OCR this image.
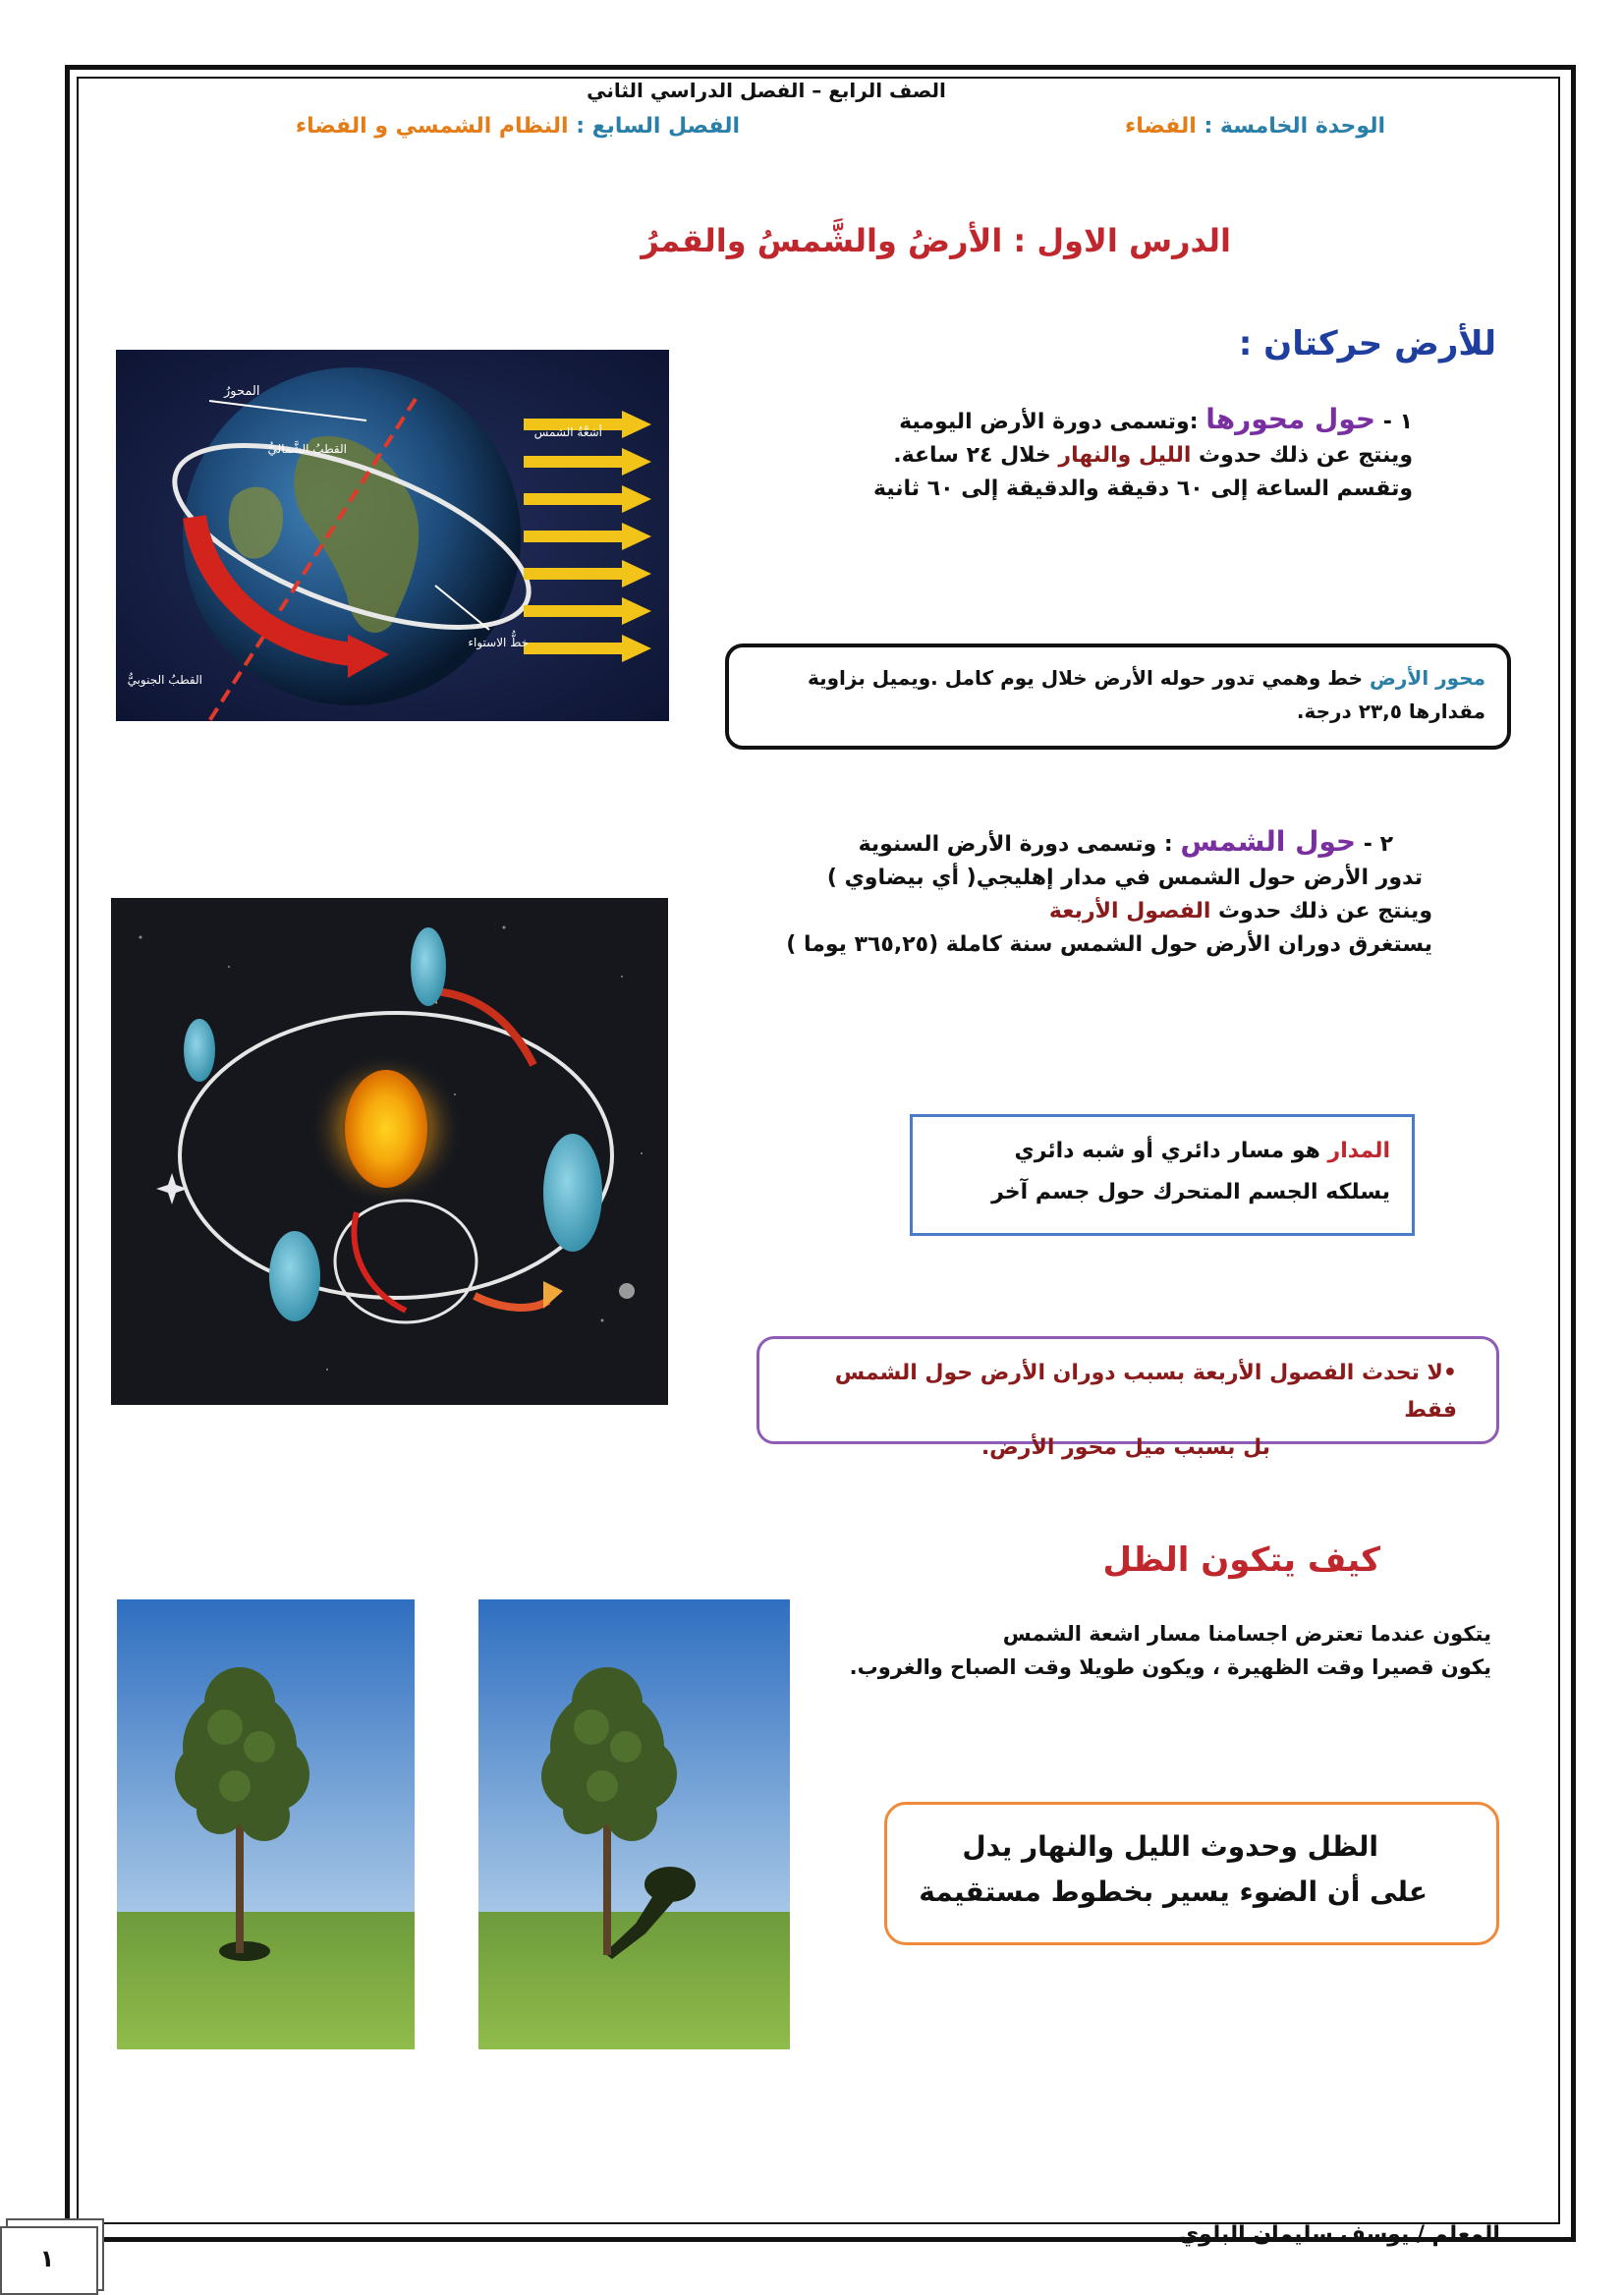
الصف الرابع – الفصل الدراسي الثاني
الوحدة الخامسة : الفضاء
الفصل السابع : النظام الشمسي و الفضاء
الدرس الاول : الأرضُ والشَّمسُ والقمرُ
للأرض حركتان :
١ - حول محورها :وتسمى دورة الأرض اليومية
وينتج عن ذلك حدوث الليل والنهار خلال ٢٤ ساعة.
وتقسم الساعة إلى ٦٠ دقيقة والدقيقة إلى ٦٠ ثانية
المحورُ
القطبُ الشَّماليُّ
أشعَّةُ الشمس
خطُّ الاستواء
القطبُ الجنوبيُّ	محور الأرض خط وهمي تدور حوله الأرض خلال يوم كامل .ويميل بزاوية مقدارها ٢٣,٥ درجة.
٢ - حول الشمس : وتسمى دورة الأرض السنوية
تدور الأرض حول الشمس في مدار إهليجي( أي بيضاوي )
وينتج عن ذلك حدوث الفصول الأربعة
يستغرق دوران الأرض حول الشمس سنة كاملة (٣٦٥,٢٥ يوما )
المدار هو مسار دائري أو شبه دائري
يسلكه الجسم المتحرك حول جسم آخر
•لا تحدث الفصول الأربعة بسبب دوران الأرض حول الشمس فقط
بل بسبب ميل محور الأرض.
كيف يتكون الظل
يتكون عندما تعترض اجسامنا مسار اشعة الشمس
يكون قصيرا وقت الظهيرة ، ويكون طويلا وقت الصباح والغروب.
الظل وحدوث الليل والنهار يدل
على أن الضوء يسير بخطوط مستقيمة
المعلم / يوسف سليمان البلوي
١
